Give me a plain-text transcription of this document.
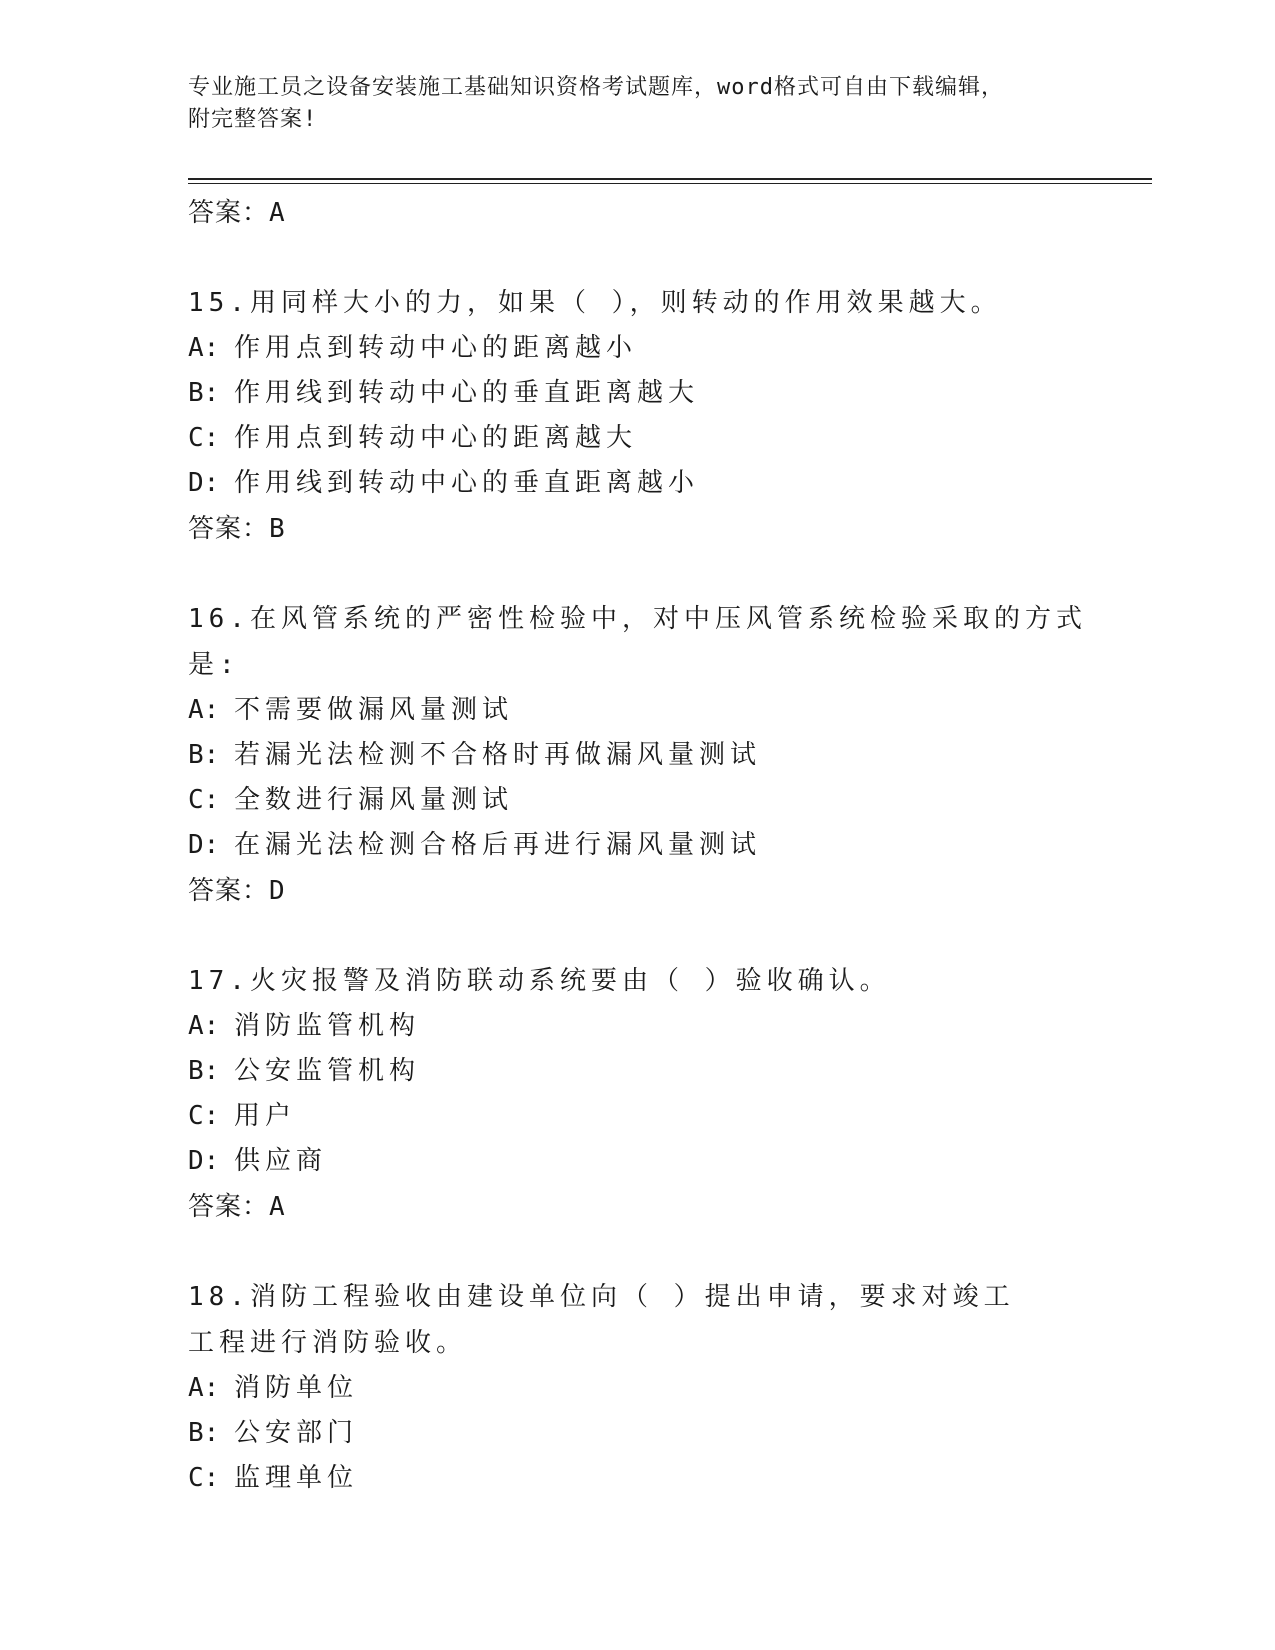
专业施工员之设备安装施工基础知识资格考试题库，word格式可自由下载编辑，
附完整答案!

答案：A

15.用同样大小的力，如果（ ），则转动的作用效果越大。

A: 作用点到转动中心的距离越小

B: 作用线到转动中心的垂直距离越大

C: 作用点到转动中心的距离越大

D: 作用线到转动中心的垂直距离越小

答案：B

16.在风管系统的严密性检验中，对中压风管系统检验采取的方式是:

A: 不需要做漏风量测试

B: 若漏光法检测不合格时再做漏风量测试

C: 全数进行漏风量测试

D: 在漏光法检测合格后再进行漏风量测试

答案：D

17.火灾报警及消防联动系统要由（ ）验收确认。

A: 消防监管机构

B: 公安监管机构

C: 用户

D: 供应商

答案：A

18.消防工程验收由建设单位向（ ）提出申请，要求对竣工工程进行消防验收。

A: 消防单位

B: 公安部门

C: 监理单位
